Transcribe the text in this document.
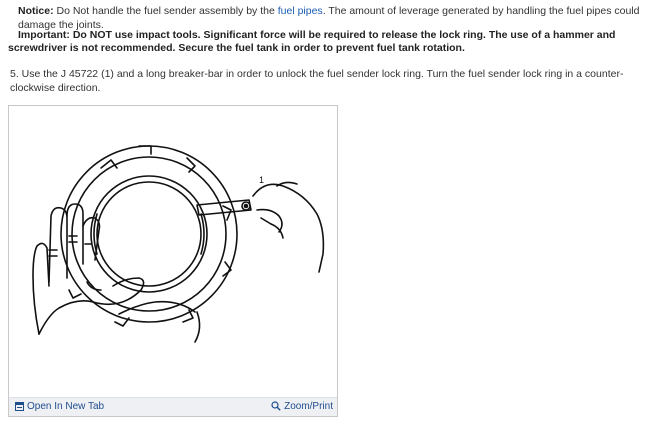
Notice: Do Not handle the fuel sender assembly by the fuel pipes. The amount of leverage generated by handling the fuel pipes could damage the joints.
Important: Do NOT use impact tools. Significant force will be required to release the lock ring. The use of a hammer and screwdriver is not recommended. Secure the fuel tank in order to prevent fuel tank rotation.
5. Use the J 45722 (1) and a long breaker-bar in order to unlock the fuel sender lock ring. Turn the fuel sender lock ring in a counter-clockwise direction.
1
Open In New Tab	Zoom/Print
